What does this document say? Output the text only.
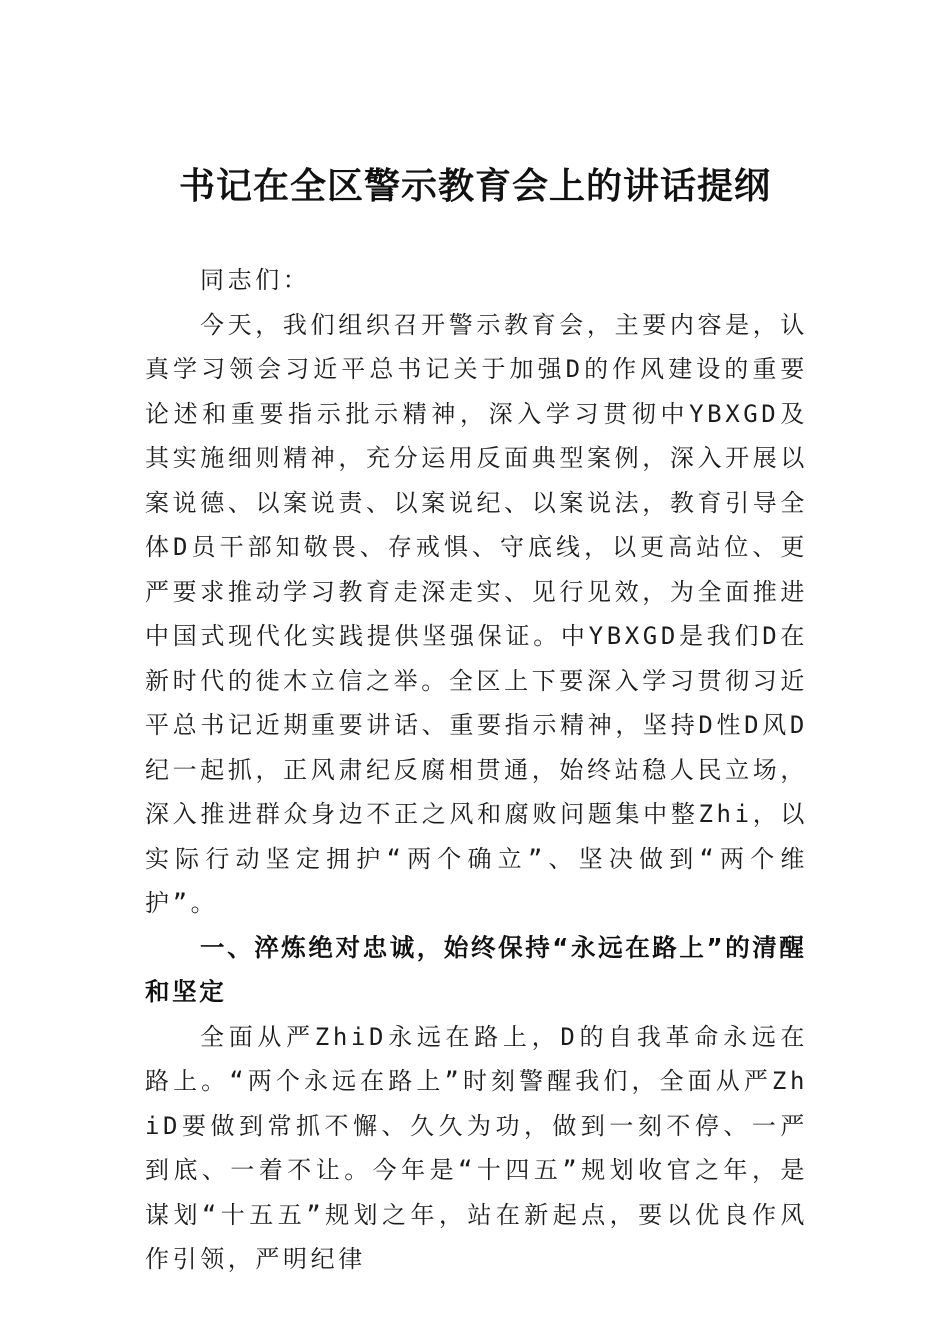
书记在全区警示教育会上的讲话提纲

同志们：

今天，我们组织召开警示教育会，主要内容是，认真学习领会习近平总书记关于加强D的作风建设的重要论述和重要指示批示精神，深入学习贯彻中YBXGD及其实施细则精神，充分运用反面典型案例，深入开展以案说德、以案说责、以案说纪、以案说法，教育引导全体D员干部知敬畏、存戒惧、守底线，以更高站位、更严要求推动学习教育走深走实、见行见效，为全面推进中国式现代化实践提供坚强保证。中YBXGD是我们D在新时代的徙木立信之举。全区上下要深入学习贯彻习近平总书记近期重要讲话、重要指示精神，坚持D性D风D纪一起抓，正风肃纪反腐相贯通，始终站稳人民立场，深入推进群众身边不正之风和腐败问题集中整Zhi，以实际行动坚定拥护“两个确立”、坚决做到“两个维护”。

一、淬炼绝对忠诚，始终保持“永远在路上”的清醒和坚定

全面从严ZhiD永远在路上，D的自我革命永远在路上。“两个永远在路上”时刻警醒我们，全面从严ZhiD要做到常抓不懈、久久为功，做到一刻不停、一严到底、一着不让。今年是“十四五”规划收官之年，是谋划“十五五”规划之年，站在新起点，要以优良作风作引领，严明纪律
